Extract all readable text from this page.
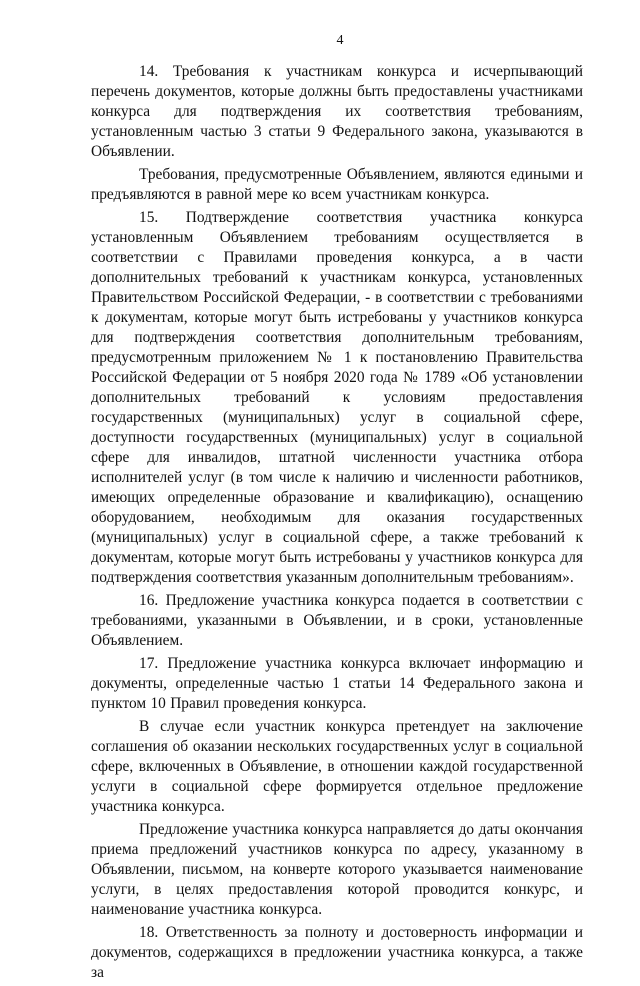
4

14. Требования к участникам конкурса и исчерпывающий перечень документов, которые должны быть предоставлены участниками конкурса для подтверждения их соответствия требованиям, установленным частью 3 статьи 9 Федерального закона, указываются в Объявлении.

Требования, предусмотренные Объявлением, являются едиными и предъявляются в равной мере ко всем участникам конкурса.

15. Подтверждение соответствия участника конкурса установленным Объявлением требованиям осуществляется в соответствии с Правилами проведения конкурса, а в части дополнительных требований к участникам конкурса, установленных Правительством Российской Федерации, - в соответствии с требованиями к документам, которые могут быть истребованы у участников конкурса для подтверждения соответствия дополнительным требованиям, предусмотренным приложением № 1 к постановлению Правительства Российской Федерации от 5 ноября 2020 года № 1789 «Об установлении дополнительных требований к условиям предоставления государственных (муниципальных) услуг в социальной сфере, доступности государственных (муниципальных) услуг в социальной сфере для инвалидов, штатной численности участника отбора исполнителей услуг (в том числе к наличию и численности работников, имеющих определенные образование и квалификацию), оснащению оборудованием, необходимым для оказания государственных (муниципальных) услуг в социальной сфере, а также требований к документам, которые могут быть истребованы у участников конкурса для подтверждения соответствия указанным дополнительным требованиям».

16. Предложение участника конкурса подается в соответствии с требованиями, указанными в Объявлении, и в сроки, установленные Объявлением.

17. Предложение участника конкурса включает информацию и документы, определенные частью 1 статьи 14 Федерального закона и пунктом 10 Правил проведения конкурса.

В случае если участник конкурса претендует на заключение соглашения об оказании нескольких государственных услуг в социальной сфере, включенных в Объявление, в отношении каждой государственной услуги в социальной сфере формируется отдельное предложение участника конкурса.

Предложение участника конкурса направляется до даты окончания приема предложений участников конкурса по адресу, указанному в Объявлении, письмом, на конверте которого указывается наименование услуги, в целях предоставления которой проводится конкурс, и наименование участника конкурса.

18. Ответственность за полноту и достоверность информации и документов, содержащихся в предложении участника конкурса, а также за
